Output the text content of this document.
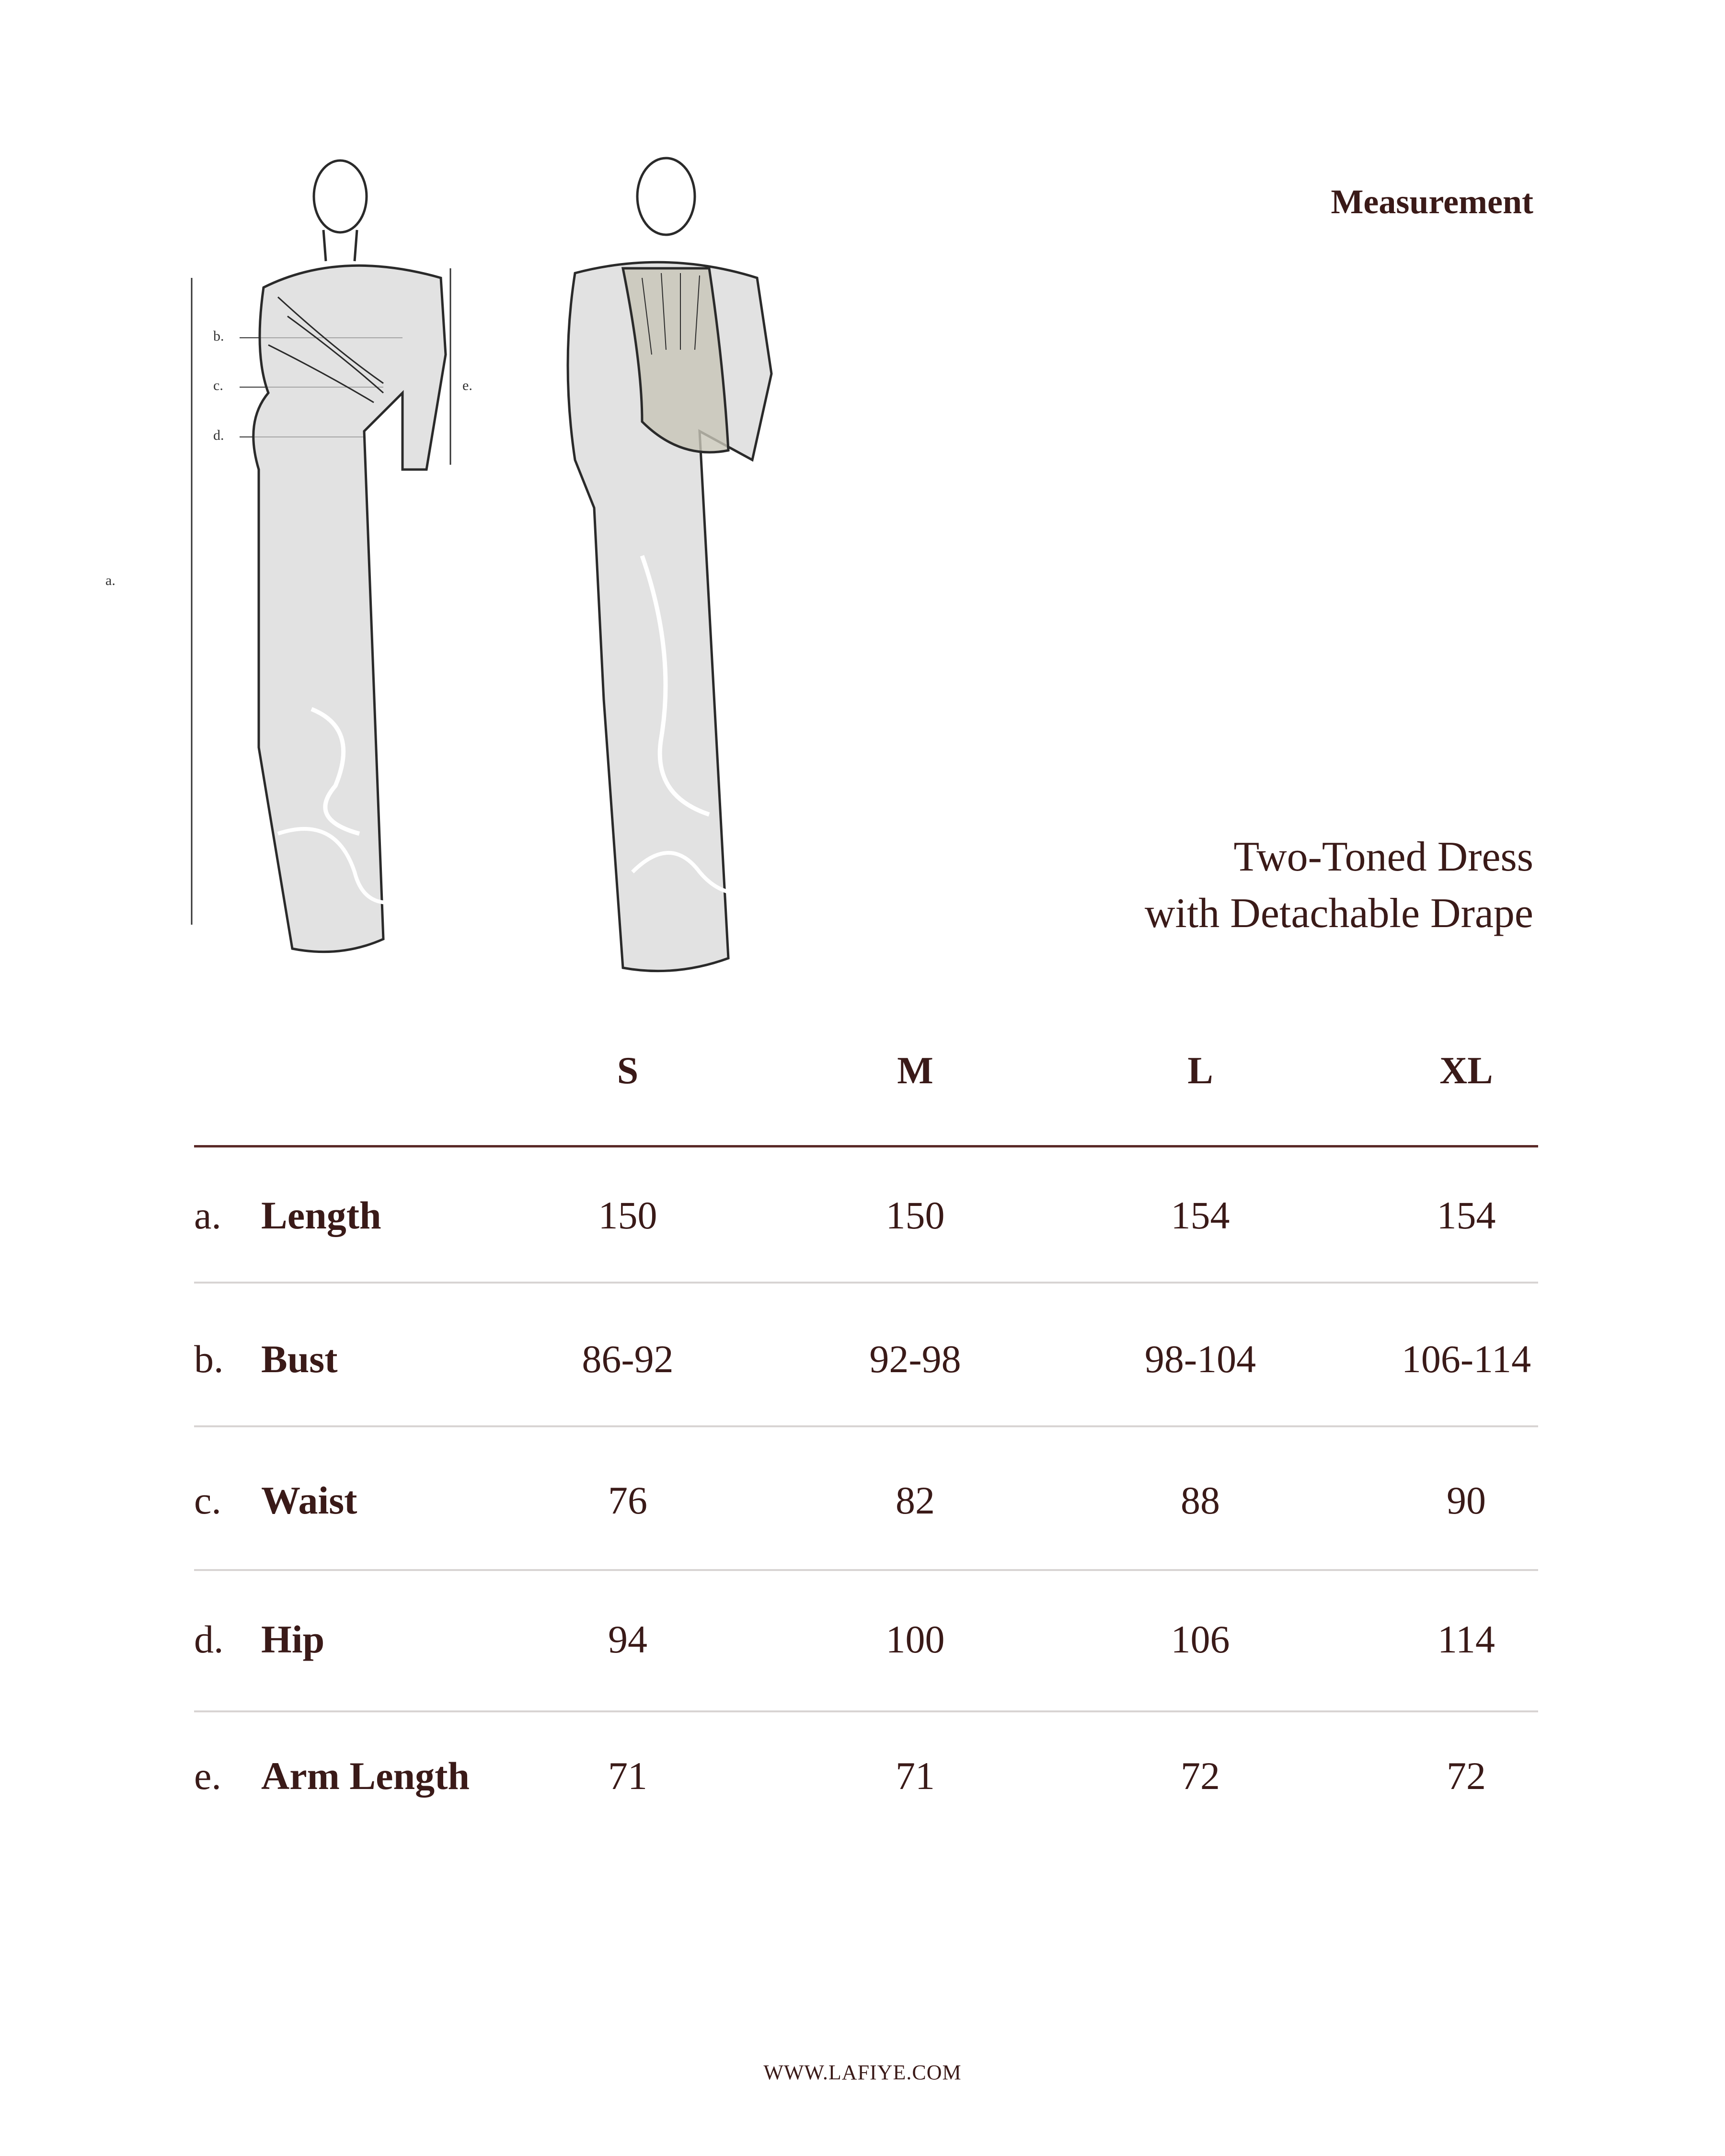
a.
b.
c.
d.
e.
Measurement
Two-Toned Dress
with Detachable Drape
S	M	L	XL
a. Length	150	150	154	154
b. Bust	86-92	92-98	98-104	106-114
c. Waist	76	82	88	90
d. Hip	94	100	106	114
e. Arm Length	71	71	72	72
WWW.LAFIYE.COM
